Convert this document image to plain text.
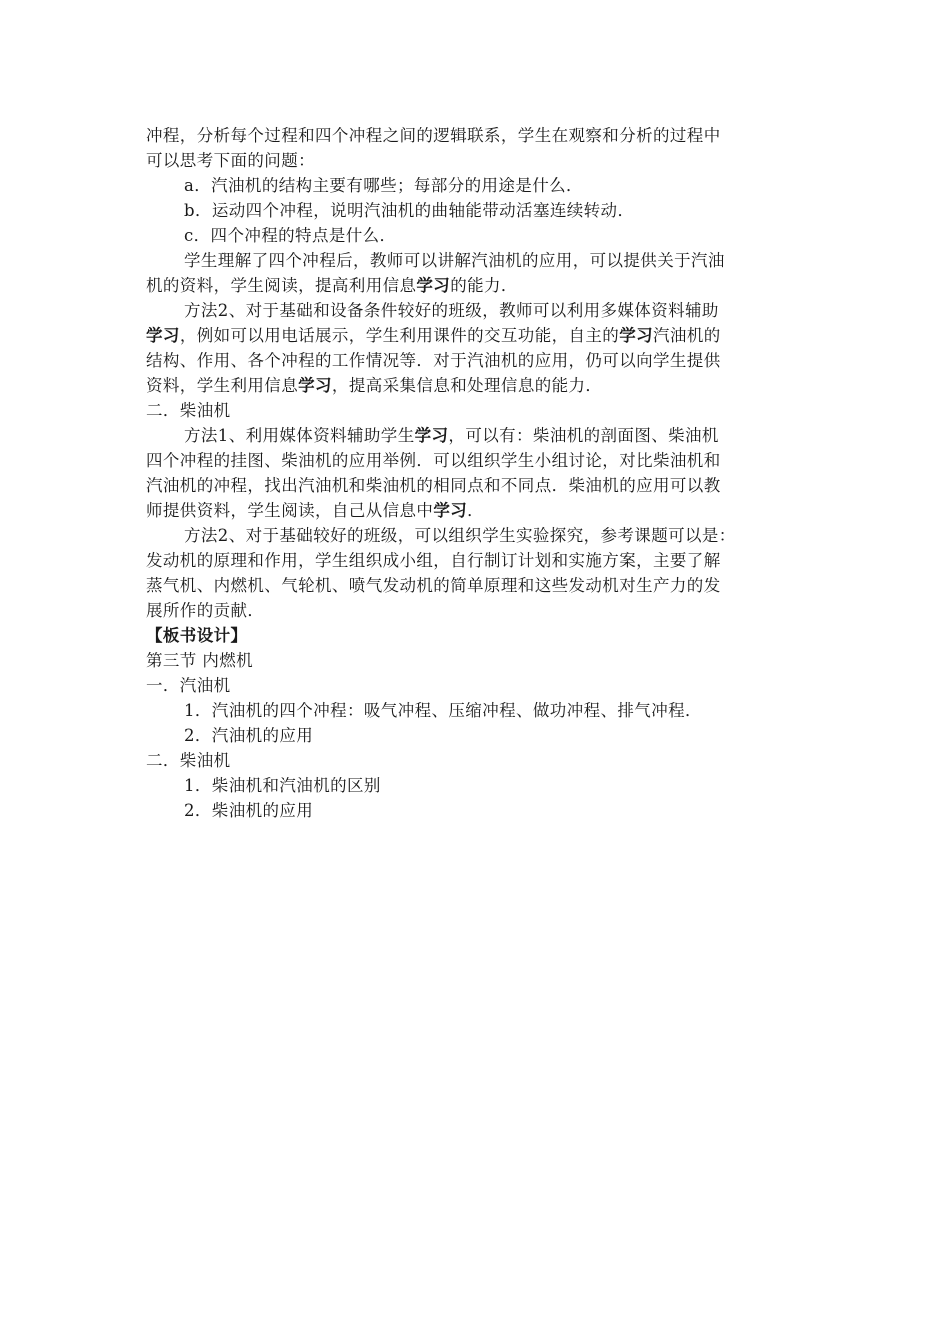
冲程，分析每个过程和四个冲程之间的逻辑联系，学生在观察和分析的过程中
可以思考下面的问题：
a．汽油机的结构主要有哪些；每部分的用途是什么．
b．运动四个冲程，说明汽油机的曲轴能带动活塞连续转动．
c．四个冲程的特点是什么．
学生理解了四个冲程后，教师可以讲解汽油机的应用，可以提供关于汽油
机的资料，学生阅读，提高利用信息学习的能力．
方法2、对于基础和设备条件较好的班级，教师可以利用多媒体资料辅助
学习，例如可以用电话展示，学生利用课件的交互功能，自主的学习汽油机的
结构、作用、各个冲程的工作情况等．对于汽油机的应用，仍可以向学生提供
资料，学生利用信息学习，提高采集信息和处理信息的能力．
二．柴油机
方法1、利用媒体资料辅助学生学习，可以有：柴油机的剖面图、柴油机
四个冲程的挂图、柴油机的应用举例．可以组织学生小组讨论，对比柴油机和
汽油机的冲程，找出汽油机和柴油机的相同点和不同点．柴油机的应用可以教
师提供资料，学生阅读，自己从信息中学习．
方法2、对于基础较好的班级，可以组织学生实验探究，参考课题可以是：
发动机的原理和作用，学生组织成小组，自行制订计划和实施方案，主要了解
蒸气机、内燃机、气轮机、喷气发动机的简单原理和这些发动机对生产力的发
展所作的贡献．
【板书设计】
第三节 内燃机
一．汽油机
1．汽油机的四个冲程：吸气冲程、压缩冲程、做功冲程、排气冲程．
2．汽油机的应用
二．柴油机
1．柴油机和汽油机的区别
2．柴油机的应用
